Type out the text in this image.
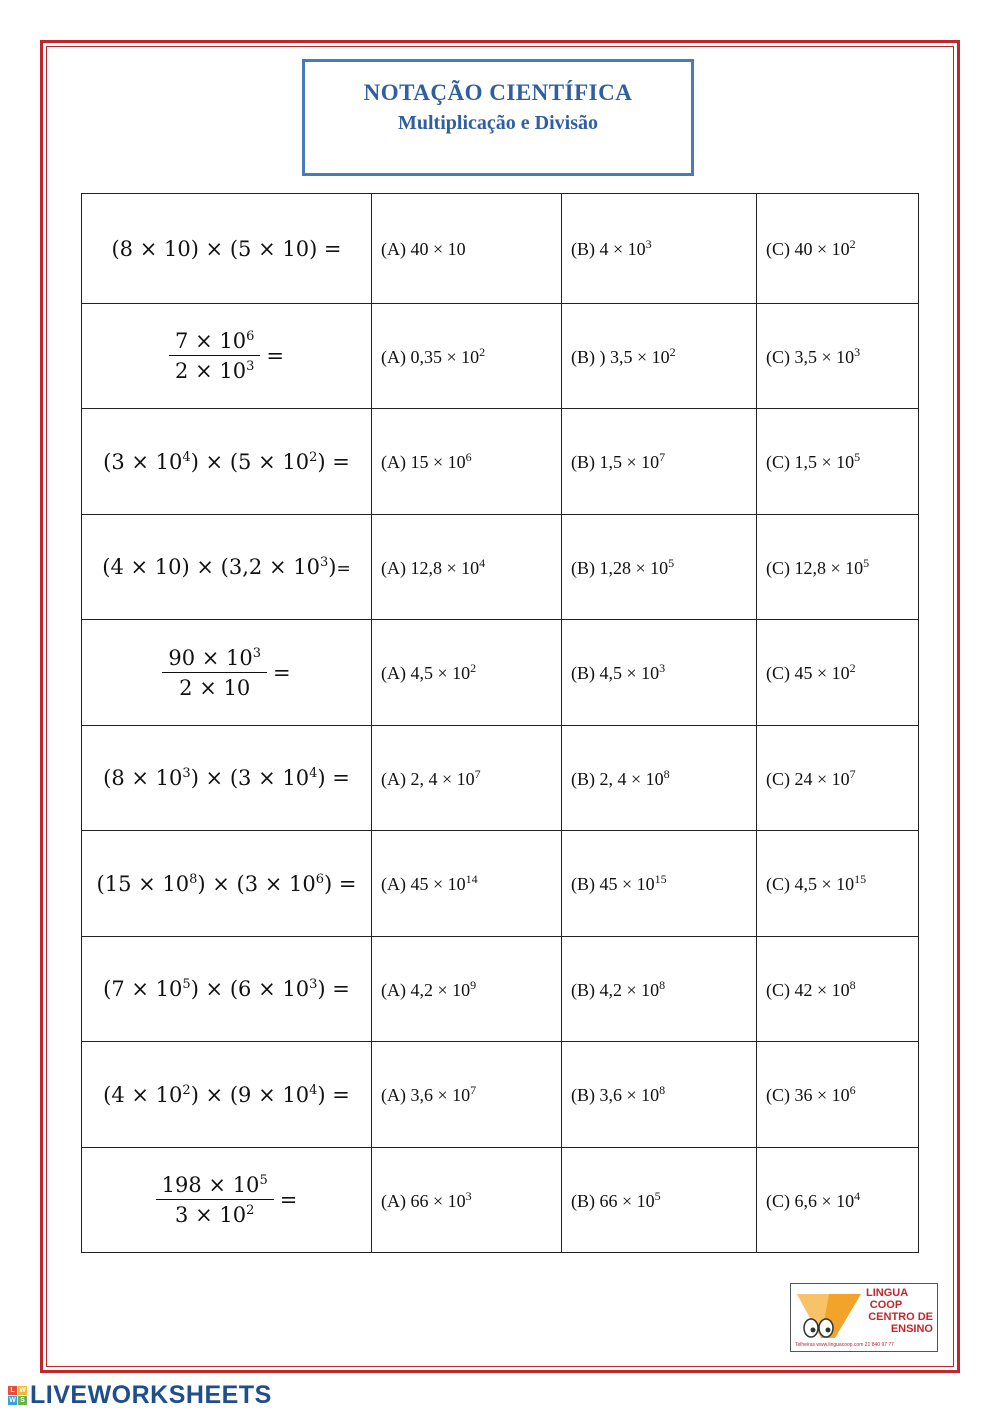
NOTAÇÃO CIENTÍFICA
Multiplicação e Divisão
(8 × 10) × (5 × 10) =	(A) 40 × 10	(B) $4 \times 10^3$	(C) $40 \times 10^2$

$\frac{7 \times 10^6}{2 \times 10^3}$ =	(A) $0,35 \times 10^2$	(B) ) $3,5 \times 10^2$	(C) $3,5 \times 10^3$
$(3 \times 10^4) \times (5 \times 10^2)$ =	(A) $15 \times 10^6$	(B) $1,5 \times 10^7$	(C) $1,5 \times 10^5$
$(4 \times 10) \times (3,2 \times 10^3)=$	(A) $12,8 \times 10^4$	(B) $1,28 \times 10^5$	(C) $12,8 \times 10^5$

$\frac{90 \times 10^3}{2 \times 10}$ =	(A) $4,5 \times 10^2$	(B) $4,5 \times 10^3$	(C) $45 \times 10^2$
$(8 \times 10^3) \times (3 \times 10^4)$ =	(A) 2, $4 \times 10^7$	(B) 2, $4 \times 10^8$	(C) $24 \times 10^7$
$(15 \times 10^8) \times (3 \times 10^6)$ =	(A) $45 \times 10^{14}$	(B) $45 \times 10^{15}$	(C) $4,5 \times 10^{15}$
$(7 \times 10^5) \times (6 \times 10^3)$ =	(A) $4,2 \times 10^9$	(B) $4,2 \times 10^8$	(C) $42 \times 10^8$
$(4 \times 10^2) \times (9 \times 10^4)$ =	(A) $3,6 \times 10^7$	(B) $3,6 \times 10^8$	(C) $36 \times 10^6$

$\frac{198 \times 10^5}{3 \times 10^2}$ =	(A) $66 \times 10^3$	(B) $66 \times 10^5$	(C) $6,6 \times 10^4$
LINGUA COOP
CENTRO DE ENSINO
Telheiras www.linguacoop.com 21 840 97 77
L W
W S LIVEWORKSHEETS
